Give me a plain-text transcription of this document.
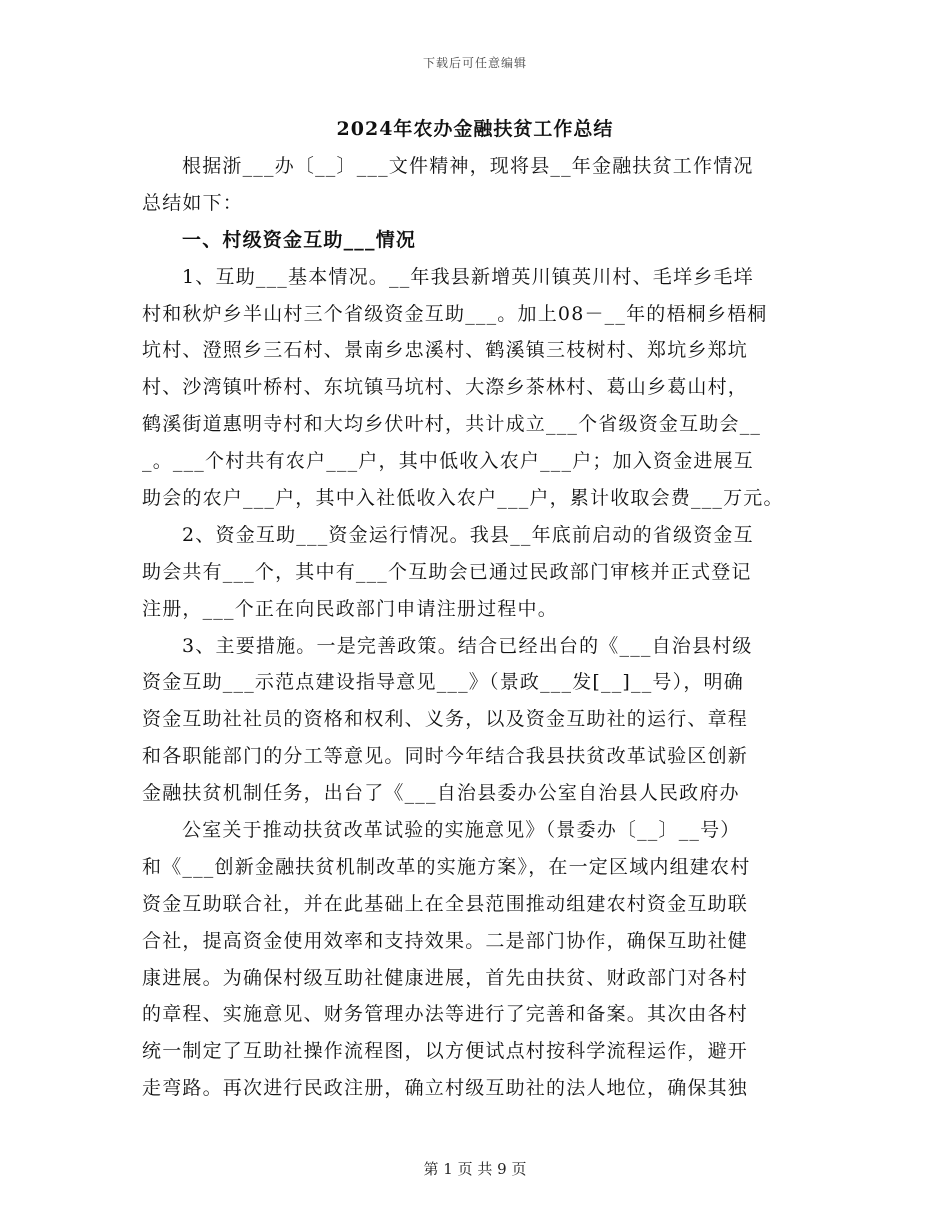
下载后可任意编辑
2024年农办金融扶贫工作总结
根据浙___办〔__〕___文件精神，现将县__年金融扶贫工作情况
总结如下：
一、村级资金互助___情况
1、互助___基本情况。__年我县新增英川镇英川村、毛垟乡毛垟
村和秋炉乡半山村三个省级资金互助___。加上08－__年的梧桐乡梧桐
坑村、澄照乡三石村、景南乡忠溪村、鹤溪镇三枝树村、郑坑乡郑坑
村、沙湾镇叶桥村、东坑镇马坑村、大漈乡茶林村、葛山乡葛山村，
鹤溪街道惠明寺村和大均乡伏叶村，共计成立___个省级资金互助会__
_。___个村共有农户___户，其中低收入农户___户；加入资金进展互
助会的农户___户，其中入社低收入农户___户，累计收取会费___万元。
2、资金互助___资金运行情况。我县__年底前启动的省级资金互
助会共有___个，其中有___个互助会已通过民政部门审核并正式登记
注册，___个正在向民政部门申请注册过程中。
3、主要措施。一是完善政策。结合已经出台的《___自治县村级
资金互助___示范点建设指导意见___》（景政___发[__]__号），明确
资金互助社社员的资格和权利、义务，以及资金互助社的运行、章程
和各职能部门的分工等意见。同时今年结合我县扶贫改革试验区创新
金融扶贫机制任务，出台了《___自治县委办公室自治县人民政府办
公室关于推动扶贫改革试验的实施意见》（景委办〔__〕__号）
和《___创新金融扶贫机制改革的实施方案》，在一定区域内组建农村
资金互助联合社，并在此基础上在全县范围推动组建农村资金互助联
合社，提高资金使用效率和支持效果。二是部门协作，确保互助社健
康进展。为确保村级互助社健康进展，首先由扶贫、财政部门对各村
的章程、实施意见、财务管理办法等进行了完善和备案。其次由各村
统一制定了互助社操作流程图，以方便试点村按科学流程运作，避开
走弯路。再次进行民政注册，确立村级互助社的法人地位，确保其独
第 1 页 共 9 页
